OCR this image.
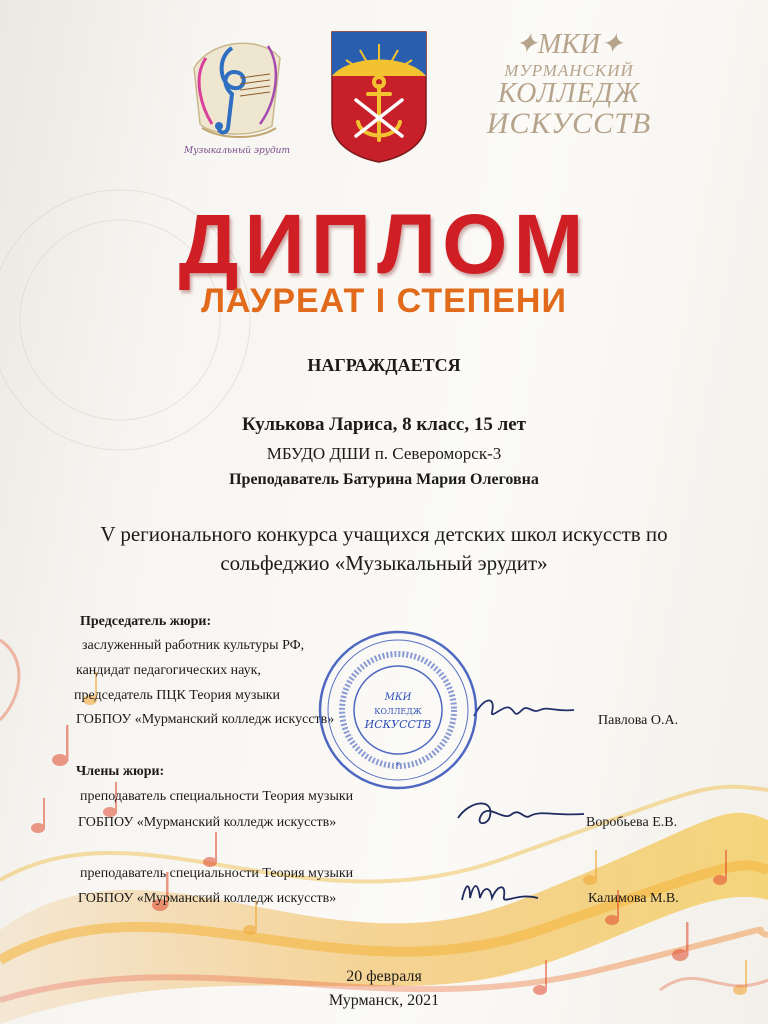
Музыкальный эрудит
✦МКИ✦
МУРМАНСКИЙ
КОЛЛЕДЖ
ИСКУССТВ
ДИПЛОМ
ЛАУРЕАТ I СТЕПЕНИ
НАГРАЖДАЕТСЯ
Кулькова Лариса, 8 класс, 15 лет
МБУДО ДШИ п. Североморск-3
Преподаватель Батурина Мария Олеговна
V регионального конкурса учащихся детских школ искусств по
сольфеджио «Музыкальный эрудит»
Председатель жюри:
заслуженный работник культуры РФ,
кандидат педагогических наук,
председатель ПЦК Теория музыки
ГОБПОУ «Мурманский колледж искусств»	Павлова О.А.
Члены жюри:
преподаватель специальности Теория музыки
ГОБПОУ «Мурманский колледж искусств»	Воробьева Е.В.
преподаватель специальности Теория музыки
ГОБПОУ «Мурманский колледж искусств»	Калимова М.В.
МКИ
КОЛЛЕДЖ
ИСКУССТВ
*
20 февраля
Мурманск, 2021
